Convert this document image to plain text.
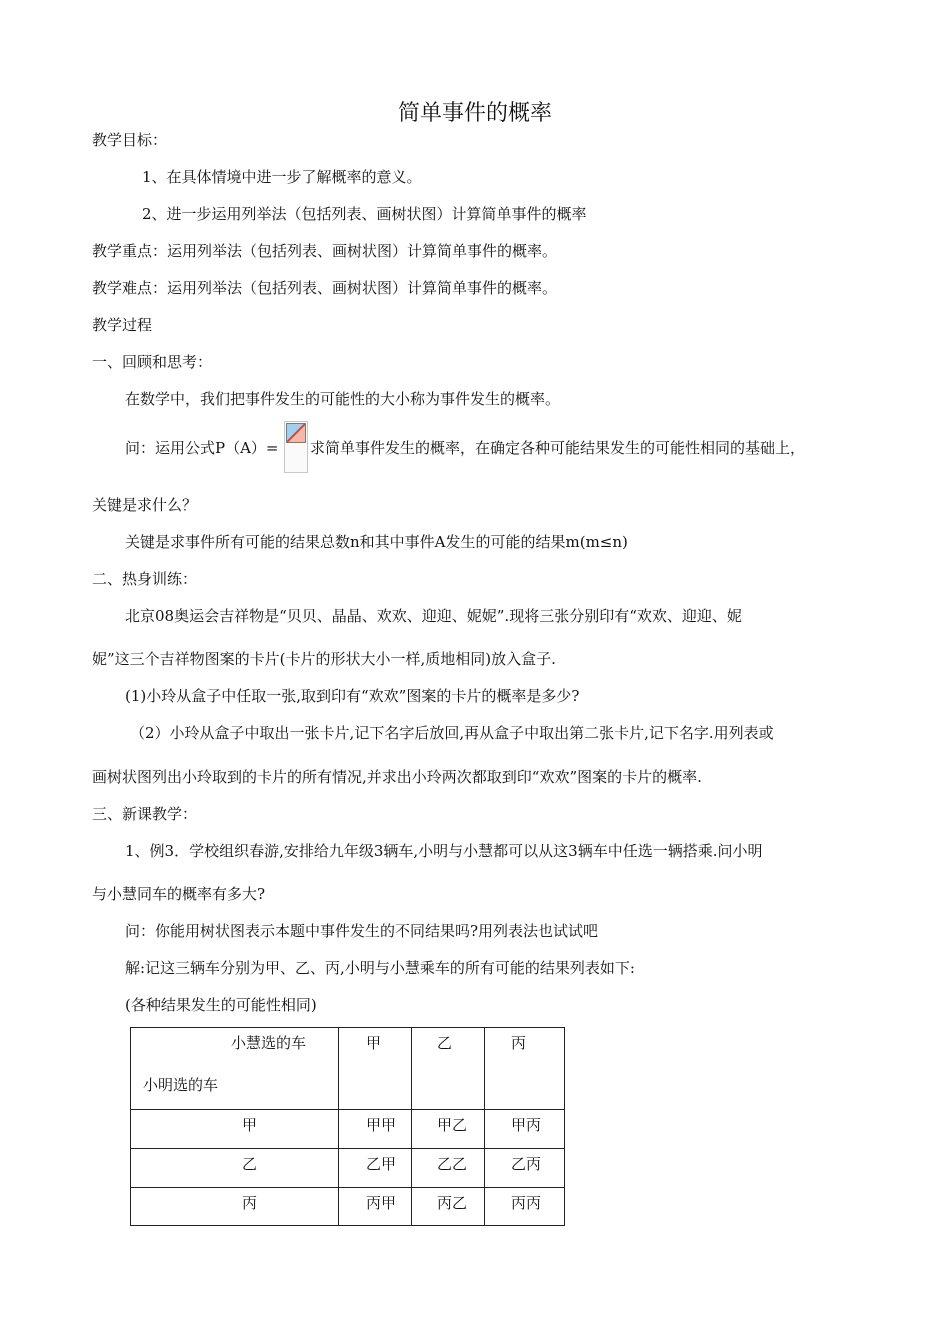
简单事件的概率
教学目标：
1、在具体情境中进一步了解概率的意义。
2、进一步运用列举法（包括列表、画树状图）计算简单事件的概率
教学重点：运用列举法（包括列表、画树状图）计算简单事件的概率。
教学难点：运用列举法（包括列表、画树状图）计算简单事件的概率。
教学过程
一、回顾和思考：
在数学中，我们把事件发生的可能性的大小称为事件发生的概率。
问：运用公式P（A）= 求简单事件发生的概率，在确定各种可能结果发生的可能性相同的基础上，
关键是求什么？
关键是求事件所有可能的结果总数n和其中事件A发生的可能的结果m(m≤n)
二、热身训练：
北京08奥运会吉祥物是“贝贝、晶晶、欢欢、迎迎、妮妮”.现将三张分别印有“欢欢、迎迎、妮
妮”这三个吉祥物图案的卡片(卡片的形状大小一样,质地相同)放入盒子.
(1)小玲从盒子中任取一张,取到印有“欢欢”图案的卡片的概率是多少?
（2）小玲从盒子中取出一张卡片,记下名字后放回,再从盒子中取出第二张卡片,记下名字.用列表或
画树状图列出小玲取到的卡片的所有情况,并求出小玲两次都取到印“欢欢”图案的卡片的概率.
三、新课教学：
1、例3．学校组织春游,安排给九年级3辆车,小明与小慧都可以从这3辆车中任选一辆搭乘.问小明
与小慧同车的概率有多大?
问：你能用树状图表示本题中事件发生的不同结果吗?用列表法也试试吧
解:记这三辆车分别为甲、乙、丙,小明与小慧乘车的所有可能的结果列表如下:
(各种结果发生的可能性相同)
小慧选的车
小明选的车	甲	乙	丙

甲	甲甲	甲乙	甲丙

乙	乙甲	乙乙	乙丙

丙	丙甲	丙乙	丙丙
